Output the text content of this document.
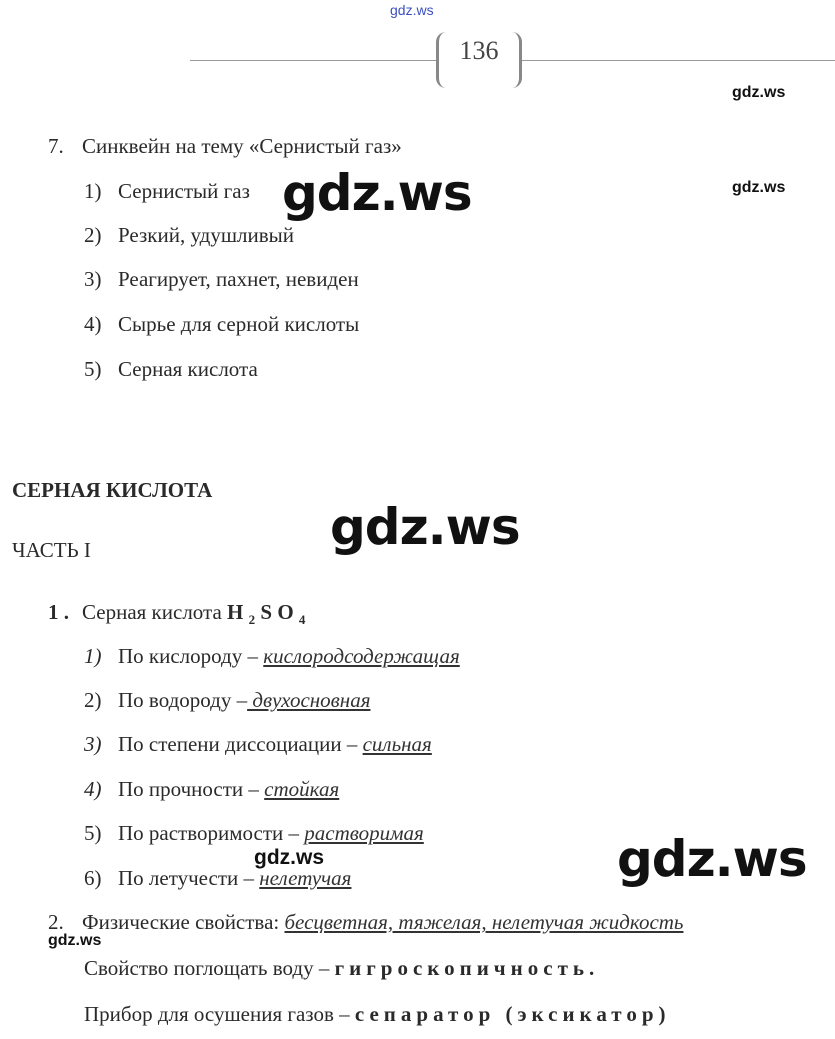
gdz.ws
136
gdz.ws
7. Синквейн на тему «Сернистый газ»
1) Сернистый газ	gdz.ws
gdz.ws
2) Резкий, удушливый
3) Реагирует, пахнет, невиден
4) Сырье для серной кислоты
5) Серная кислота
СЕРНАЯ КИСЛОТА
gdz.ws
ЧАСТЬ I
1 . Серная кислота H $_2$ S O $_4$
1) По кислороду – кислородсодержащая
2) По водороду – двухосновная
3) По степени диссоциации – сильная
4) По прочности – стойкая
5) По растворимости – растворимая
gdz.ws	gdz.ws
6) По летучести – нелетучая
2. Физические свойства: бесцветная, тяжелая, нелетучая жидкость
gdz.ws
Свойство поглощать воду – гигроскопичность.
Прибор для осушения газов – сепаратор (эксикатор)
